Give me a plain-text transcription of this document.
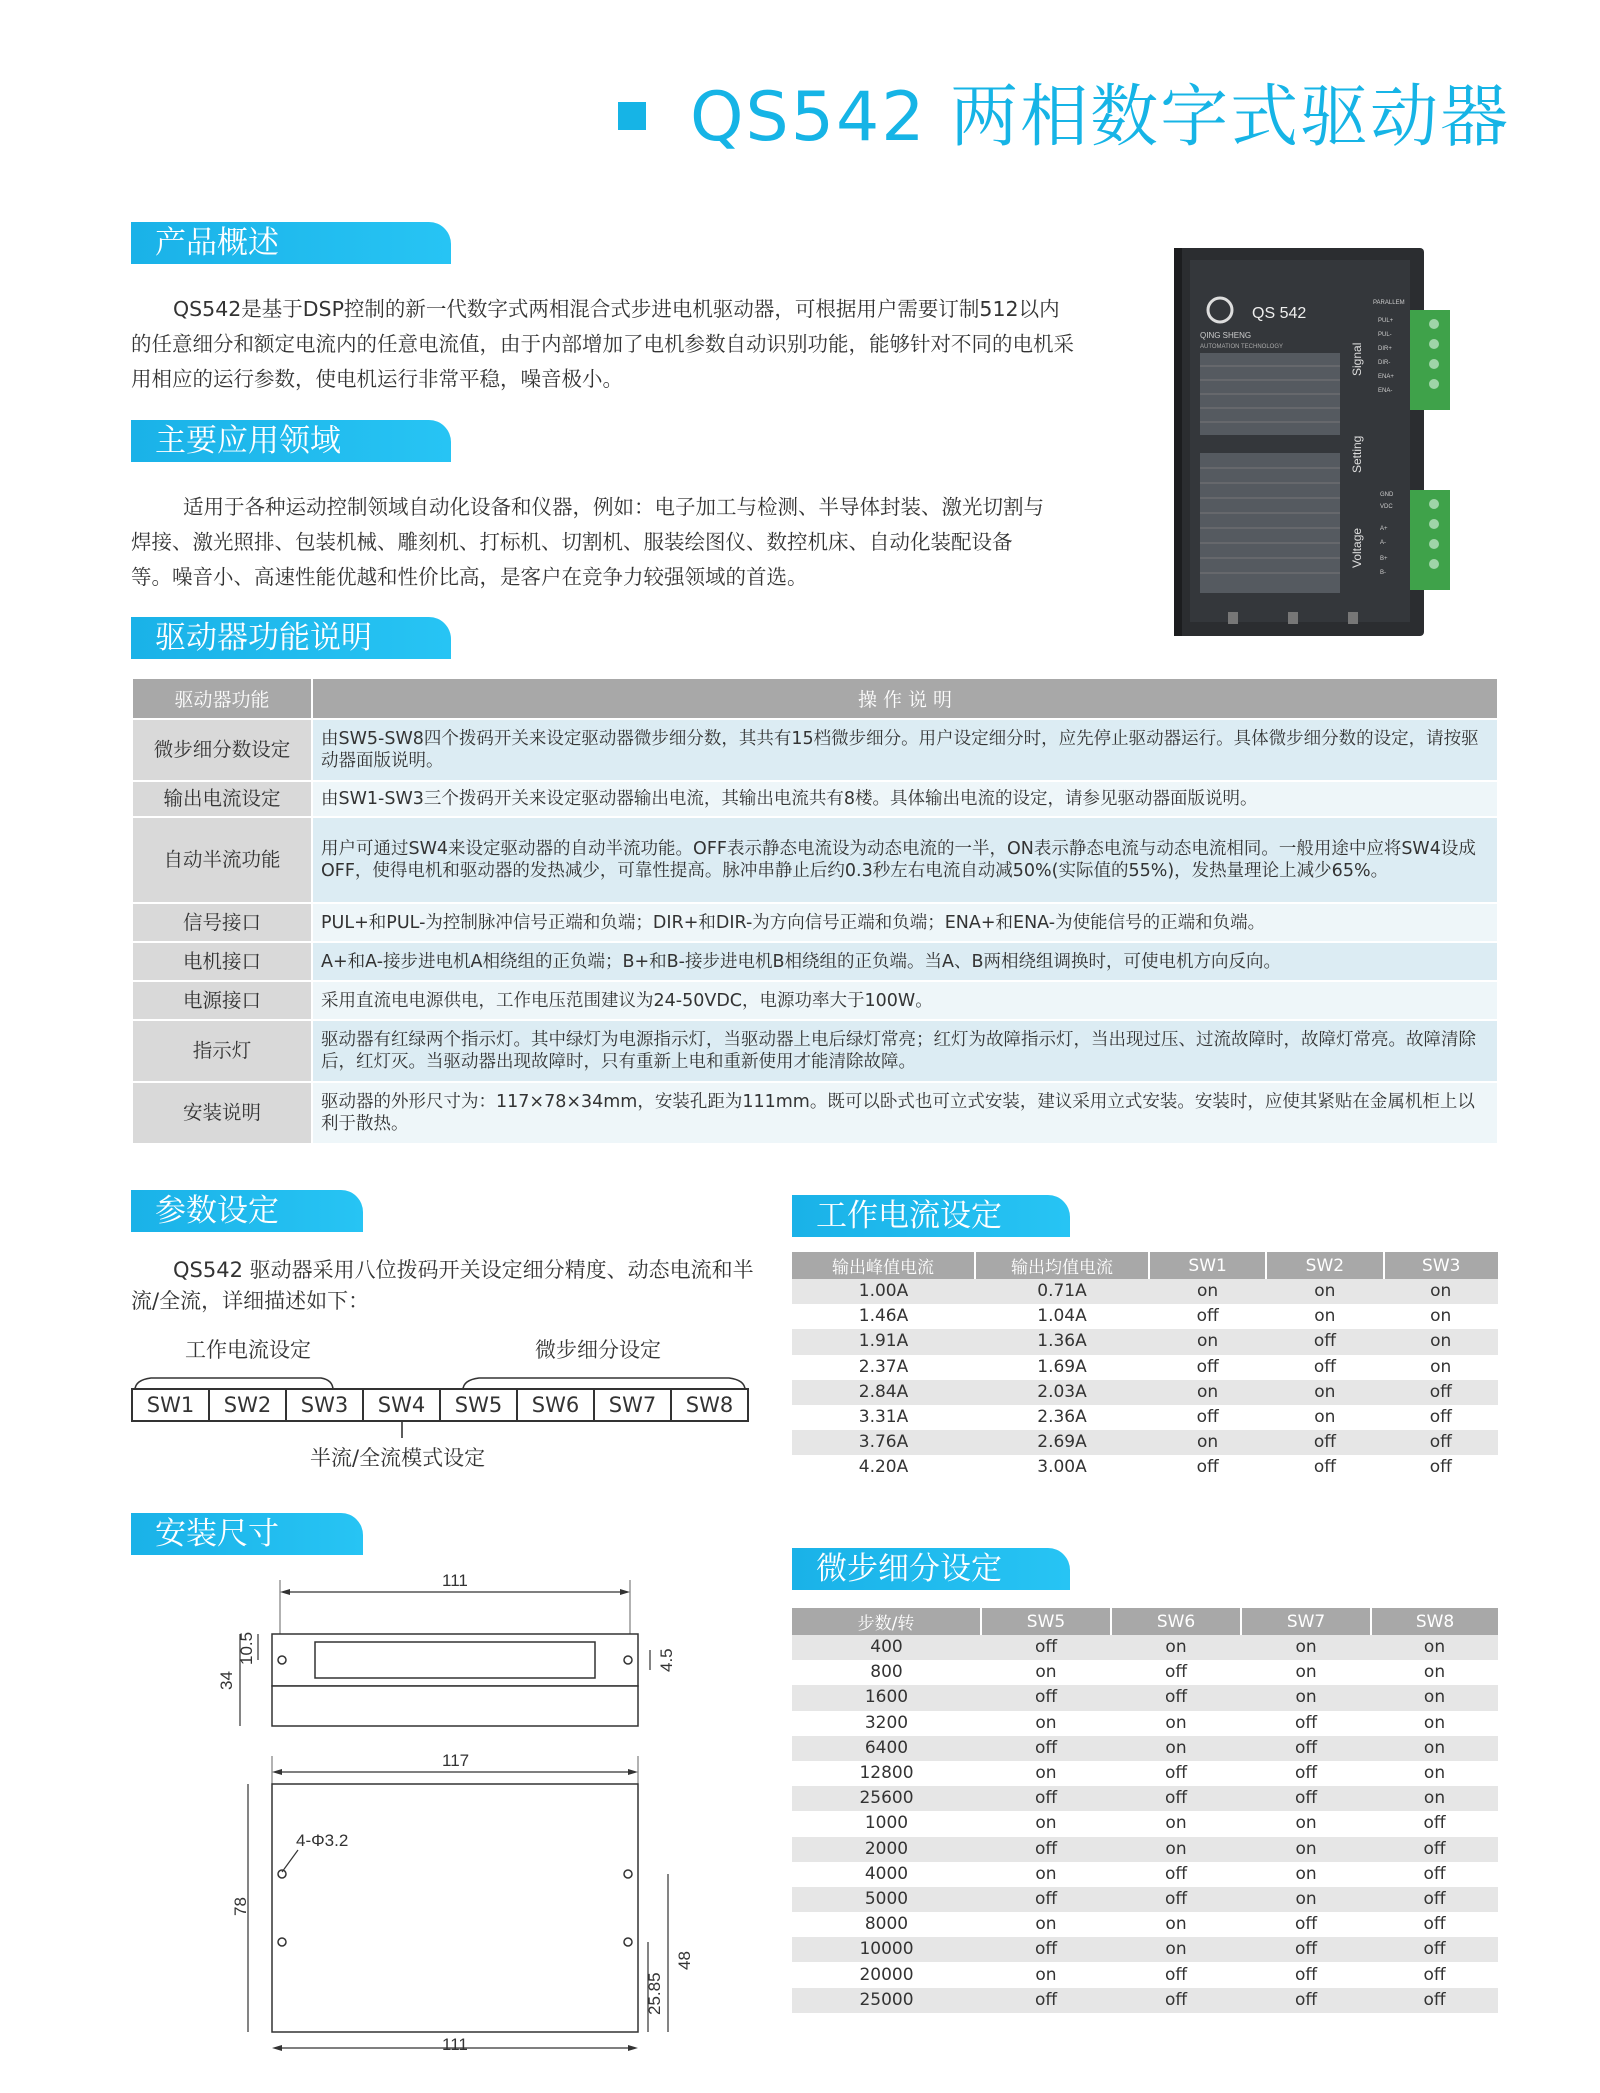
QS542 两相数字式驱动器
产品概述
QS542是基于DSP控制的新一代数字式两相混合式步进电机驱动器，可根据用户需要订制512以内的任意细分和额定电流内的任意电流值，由于内部增加了电机参数自动识别功能，能够针对不同的电机采用相应的运行参数，使电机运行非常平稳，噪音极小。
主要应用领域
适用于各种运动控制领域自动化设备和仪器，例如：电子加工与检测、半导体封装、激光切割与焊接、激光照排、包装机械、雕刻机、打标机、切割机、服装绘图仪、数控机床、自动化装配设备等。噪音小、高速性能优越和性价比高，是客户在竞争力较强领域的首选。
QS 542
QING SHENG
AUTOMATION TECHNOLOGY	Signal
Setting
Voltage
PARALLEM
PUL+
PUL-
DIR+
DIR-
ENA+
ENA-
GND
VDC
A+
A-
B+
B-
驱动器功能说明
驱动器功能	操 作 说 明
微步细分数设定	由SW5-SW8四个拨码开关来设定驱动器微步细分数，其共有15档微步细分。用户设定细分时，应先停止驱动器运行。具体微步细分数的设定，请按驱动器面版说明。
输出电流设定	由SW1-SW3三个拨码开关来设定驱动器输出电流，其输出电流共有8楼。具体输出电流的设定，请参见驱动器面版说明。
自动半流功能	用户可通过SW4来设定驱动器的自动半流功能。OFF表示静态电流设为动态电流的一半，ON表示静态电流与动态电流相同。一般用途中应将SW4设成OFF，使得电机和驱动器的发热减少，可靠性提高。脉冲串静止后约0.3秒左右电流自动减50%(实际值的55%)，发热量理论上减少65%。
信号接口	PUL+和PUL-为控制脉冲信号正端和负端；DIR+和DIR-为方向信号正端和负端；ENA+和ENA-为使能信号的正端和负端。
电机接口	A+和A-接步进电机A相绕组的正负端；B+和B-接步进电机B相绕组的正负端。当A、B两相绕组调换时，可使电机方向反向。
电源接口	采用直流电电源供电，工作电压范围建议为24-50VDC，电源功率大于100W。
指示灯	驱动器有红绿两个指示灯。其中绿灯为电源指示灯，当驱动器上电后绿灯常亮；红灯为故障指示灯，当出现过压、过流故障时，故障灯常亮。故障清除后，红灯灭。当驱动器出现故障时，只有重新上电和重新使用才能清除故障。
安装说明	驱动器的外形尺寸为：117×78×34mm，安装孔距为111mm。既可以卧式也可立式安装，建议采用立式安装。安装时，应使其紧贴在金属机柜上以利于散热。
参数设定
QS542 驱动器采用八位拨码开关设定细分精度、动态电流和半流/全流，详细描述如下：
工作电流设定	微步细分设定
SW1	SW2	SW3	SW4	SW5	SW6	SW7	SW8
半流/全流模式设定
安装尺寸
111
34
10.5	4.5
117
4-Φ3.2
78
48
25.85
111
工作电流设定
输出峰值电流	输出均值电流	SW1	SW2	SW3
1.00A	0.71A	on	on	on
1.46A	1.04A	off	on	on
1.91A	1.36A	on	off	on
2.37A	1.69A	off	off	on
2.84A	2.03A	on	on	off
3.31A	2.36A	off	on	off
3.76A	2.69A	on	off	off
4.20A	3.00A	off	off	off
微步细分设定
步数/转	SW5	SW6	SW7	SW8
400	off	on	on	on
800	on	off	on	on
1600	off	off	on	on
3200	on	on	off	on
6400	off	on	off	on
12800	on	off	off	on
25600	off	off	off	on
1000	on	on	on	off
2000	off	on	on	off
4000	on	off	on	off
5000	off	off	on	off
8000	on	on	off	off
10000	off	on	off	off
20000	on	off	off	off
25000	off	off	off	off
